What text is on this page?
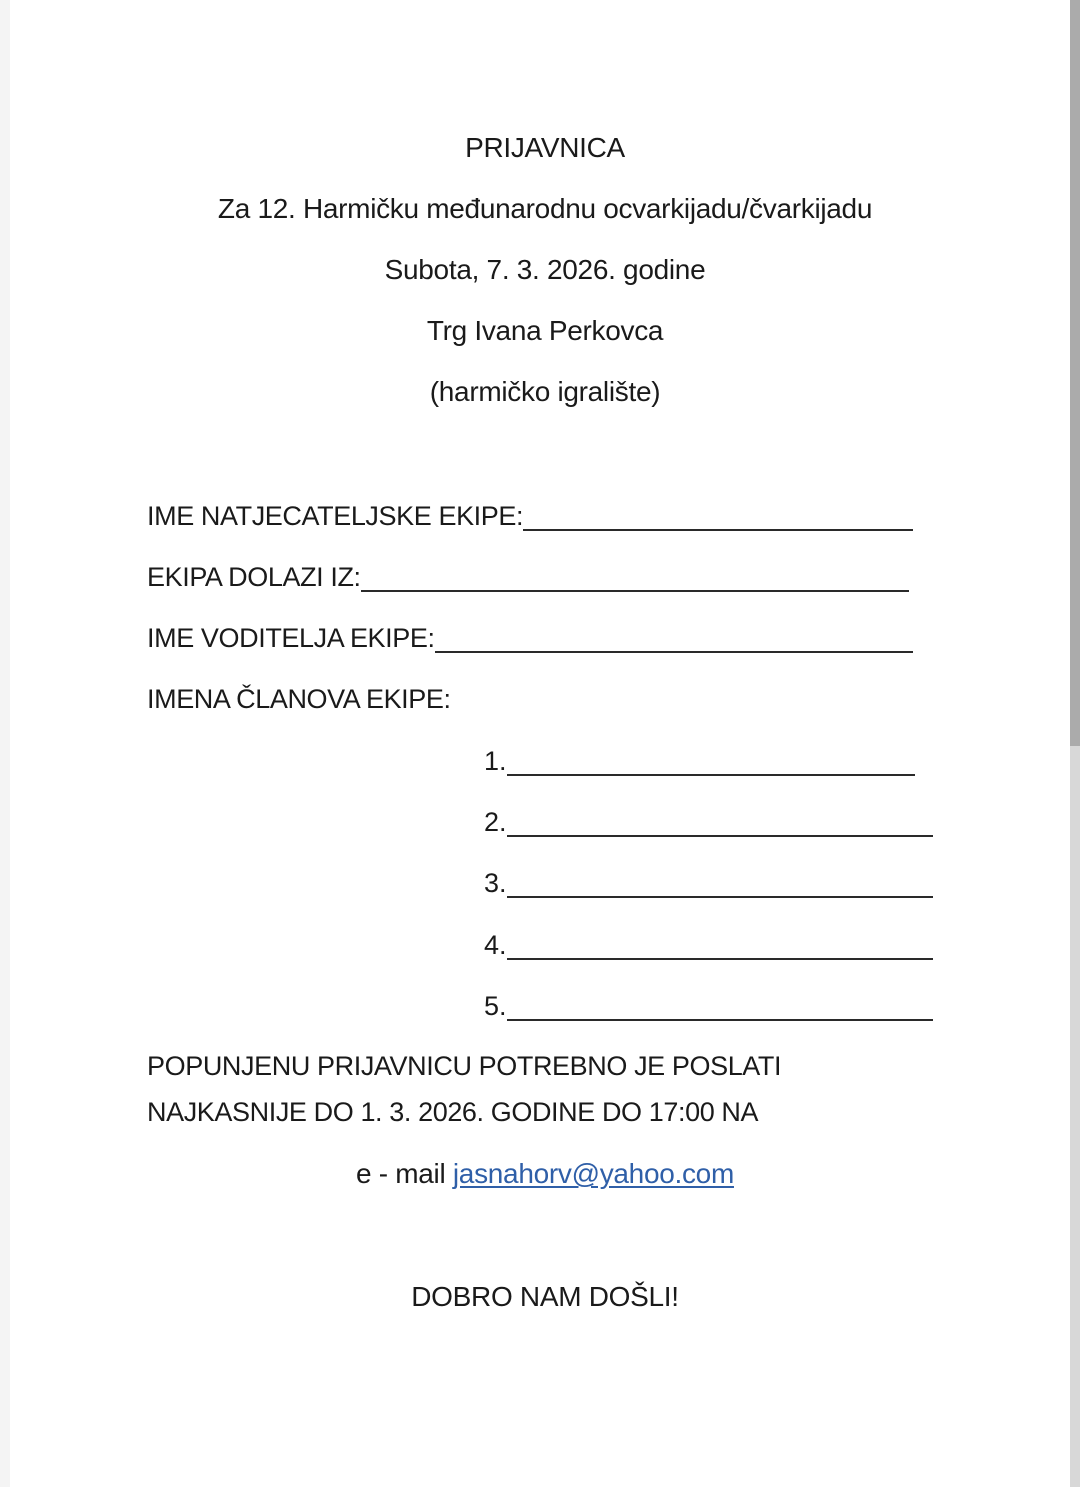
PRIJAVNICA
Za 12. Harmičku međunarodnu ocvarkijadu/čvarkijadu
Subota, 7. 3. 2026. godine
Trg Ivana Perkovca
(harmičko igralište)
IME NATJECATELJSKE EKIPE:
EKIPA DOLAZI IZ:
IME VODITELJA EKIPE:
IMENA ČLANOVA EKIPE:
1.
2.
3.
4.
5.
POPUNJENU PRIJAVNICU POTREBNO JE POSLATI
NAJKASNIJE DO 1. 3. 2026. GODINE DO 17:00 NA
e - mail jasnahorv@yahoo.com
DOBRO NAM DOŠLI!
